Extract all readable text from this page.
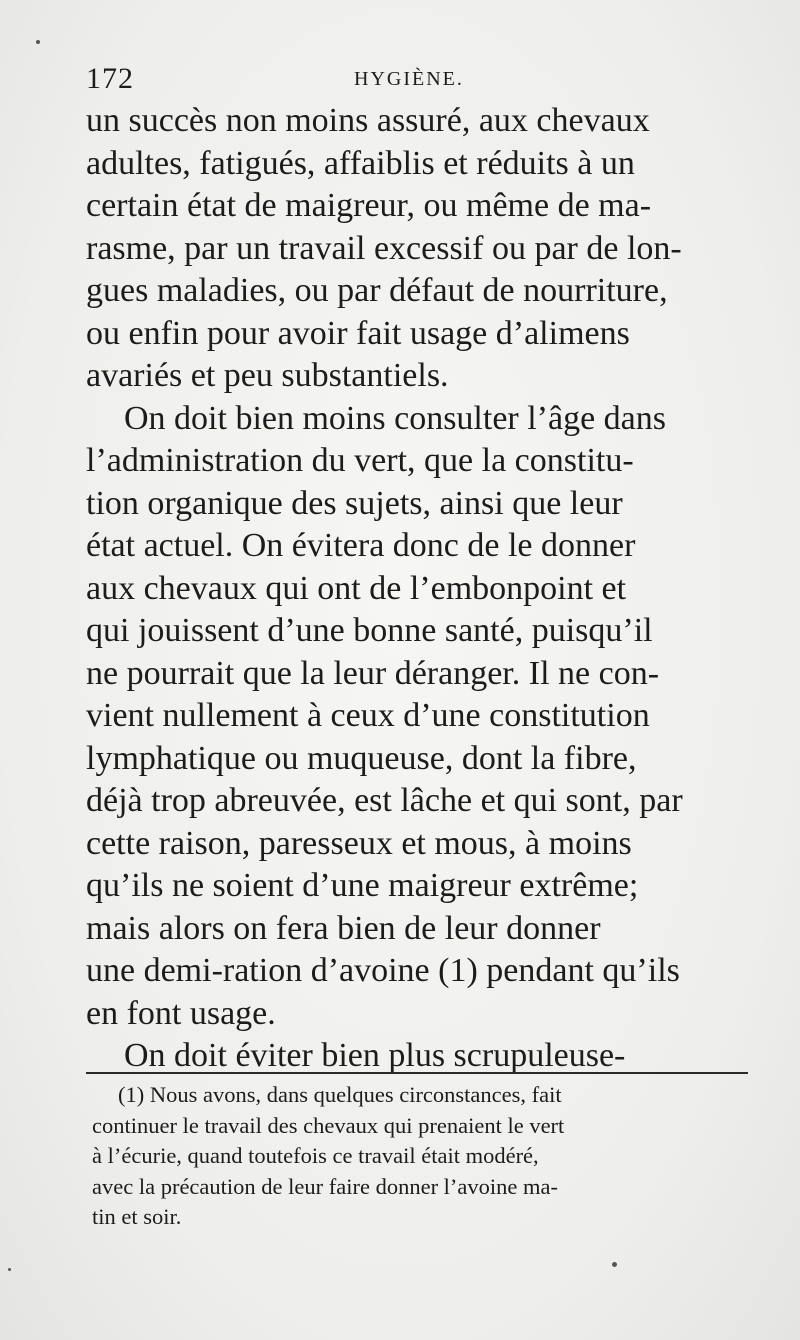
172	HYGIÈNE.

un succès non moins assuré, aux chevaux
adultes, fatigués, affaiblis et réduits à un
certain état de maigreur, ou même de ma-
rasme, par un travail excessif ou par de lon-
gues maladies, ou par défaut de nourriture,
ou enfin pour avoir fait usage d’alimens
avariés et peu substantiels.

On doit bien moins consulter l’âge dans
l’administration du vert, que la constitu-
tion organique des sujets, ainsi que leur
état actuel. On évitera donc de le donner
aux chevaux qui ont de l’embonpoint et
qui jouissent d’une bonne santé, puisqu’il
ne pourrait que la leur déranger. Il ne con-
vient nullement à ceux d’une constitution
lymphatique ou muqueuse, dont la fibre,
déjà trop abreuvée, est lâche et qui sont, par
cette raison, paresseux et mous, à moins
qu’ils ne soient d’une maigreur extrême;
mais alors on fera bien de leur donner
une demi-ration d’avoine (1) pendant qu’ils
en font usage.

On doit éviter bien plus scrupuleuse-

(1) Nous avons, dans quelques circonstances, fait
continuer le travail des chevaux qui prenaient le vert
à l’écurie, quand toutefois ce travail était modéré,
avec la précaution de leur faire donner l’avoine ma-
tin et soir.
